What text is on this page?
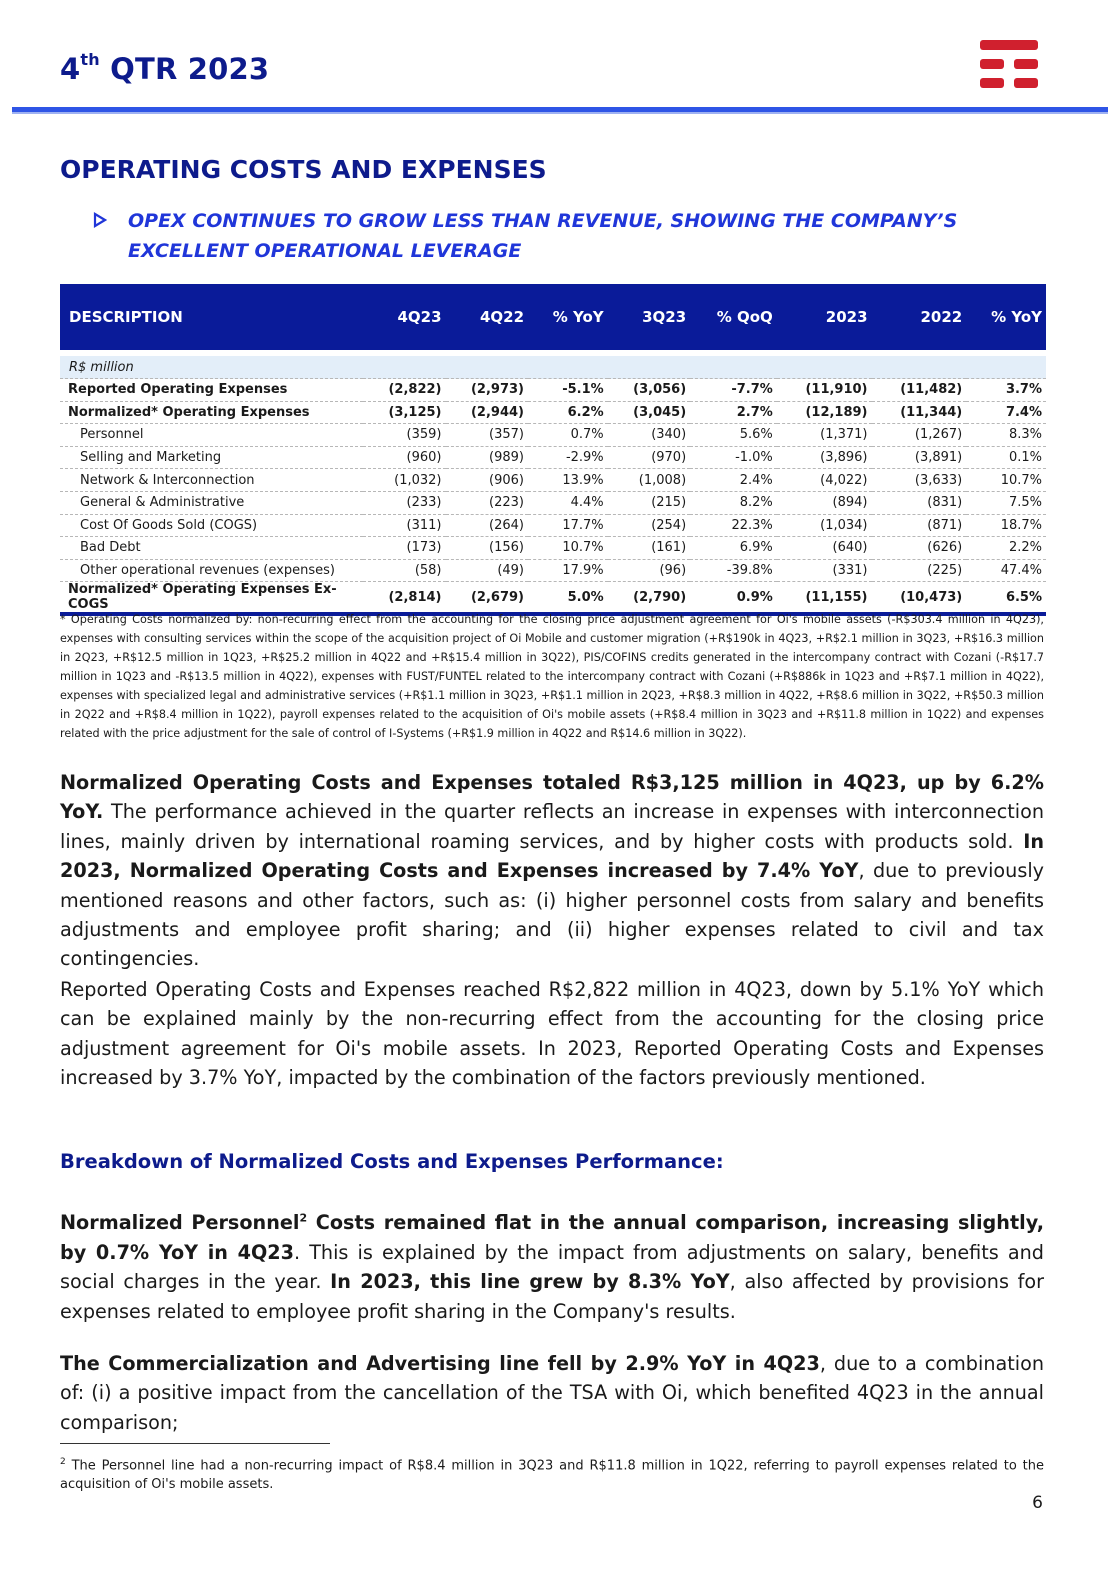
4th QTR 2023
OPERATING COSTS AND EXPENSES
OPEX CONTINUES TO GROW LESS THAN REVENUE, SHOWING THE COMPANY’S EXCELLENT OPERATIONAL LEVERAGE
DESCRIPTION	4Q23	4Q22	% YoY	3Q23	% QoQ	2023	2022	% YoY
R$ million								
Reported Operating Expenses	(2,822)	(2,973)	-5.1%	(3,056)	-7.7%	(11,910)	(11,482)	3.7%
Normalized* Operating Expenses	(3,125)	(2,944)	6.2%	(3,045)	2.7%	(12,189)	(11,344)	7.4%
Personnel	(359)	(357)	0.7%	(340)	5.6%	(1,371)	(1,267)	8.3%
Selling and Marketing	(960)	(989)	-2.9%	(970)	-1.0%	(3,896)	(3,891)	0.1%
Network & Interconnection	(1,032)	(906)	13.9%	(1,008)	2.4%	(4,022)	(3,633)	10.7%
General & Administrative	(233)	(223)	4.4%	(215)	8.2%	(894)	(831)	7.5%
Cost Of Goods Sold (COGS)	(311)	(264)	17.7%	(254)	22.3%	(1,034)	(871)	18.7%
Bad Debt	(173)	(156)	10.7%	(161)	6.9%	(640)	(626)	2.2%
Other operational revenues (expenses)	(58)	(49)	17.9%	(96)	-39.8%	(331)	(225)	47.4%
Normalized* Operating Expenses Ex-COGS	(2,814)	(2,679)	5.0%	(2,790)	0.9%	(11,155)	(10,473)	6.5%
* Operating Costs normalized by: non-recurring effect from the accounting for the closing price adjustment agreement for Oi's mobile assets (-R$303.4 million in 4Q23), expenses with consulting services within the scope of the acquisition project of Oi Mobile and customer migration (+R$190k in 4Q23, +R$2.1 million in 3Q23, +R$16.3 million in 2Q23, +R$12.5 million in 1Q23, +R$25.2 million in 4Q22 and +R$15.4 million in 3Q22), PIS/COFINS credits generated in the intercompany contract with Cozani (-R$17.7 million in 1Q23 and -R$13.5 million in 4Q22), expenses with FUST/FUNTEL related to the intercompany contract with Cozani (+R$886k in 1Q23 and +R$7.1 million in 4Q22), expenses with specialized legal and administrative services (+R$1.1 million in 3Q23, +R$1.1 million in 2Q23, +R$8.3 million in 4Q22, +R$8.6 million in 3Q22, +R$50.3 million in 2Q22 and +R$8.4 million in 1Q22), payroll expenses related to the acquisition of Oi's mobile assets (+R$8.4 million in 3Q23 and +R$11.8 million in 1Q22) and expenses related with the price adjustment for the sale of control of I-Systems (+R$1.9 million in 4Q22 and R$14.6 million in 3Q22).

Normalized Operating Costs and Expenses totaled R$3,125 million in 4Q23, up by 6.2% YoY. The performance achieved in the quarter reflects an increase in expenses with interconnection lines, mainly driven by international roaming services, and by higher costs with products sold. In 2023, Normalized Operating Costs and Expenses increased by 7.4% YoY, due to previously mentioned reasons and other factors, such as: (i) higher personnel costs from salary and benefits adjustments and employee profit sharing; and (ii) higher expenses related to civil and tax contingencies.

Reported Operating Costs and Expenses reached R$2,822 million in 4Q23, down by 5.1% YoY which can be explained mainly by the non-recurring effect from the accounting for the closing price adjustment agreement for Oi's mobile assets. In 2023, Reported Operating Costs and Expenses increased by 3.7% YoY, impacted by the combination of the factors previously mentioned.

Breakdown of Normalized Costs and Expenses Performance:

Normalized Personnel$^2$ Costs remained flat in the annual comparison, increasing slightly, by 0.7% YoY in 4Q23. This is explained by the impact from adjustments on salary, benefits and social charges in the year. In 2023, this line grew by 8.3% YoY, also affected by provisions for expenses related to employee profit sharing in the Company's results.

The Commercialization and Advertising line fell by 2.9% YoY in 4Q23, due to a combination of: (i) a positive impact from the cancellation of the TSA with Oi, which benefited 4Q23 in the annual comparison;

$^2$ The Personnel line had a non-recurring impact of R$8.4 million in 3Q23 and R$11.8 million in 1Q22, referring to payroll expenses related to the acquisition of Oi's mobile assets.
6
